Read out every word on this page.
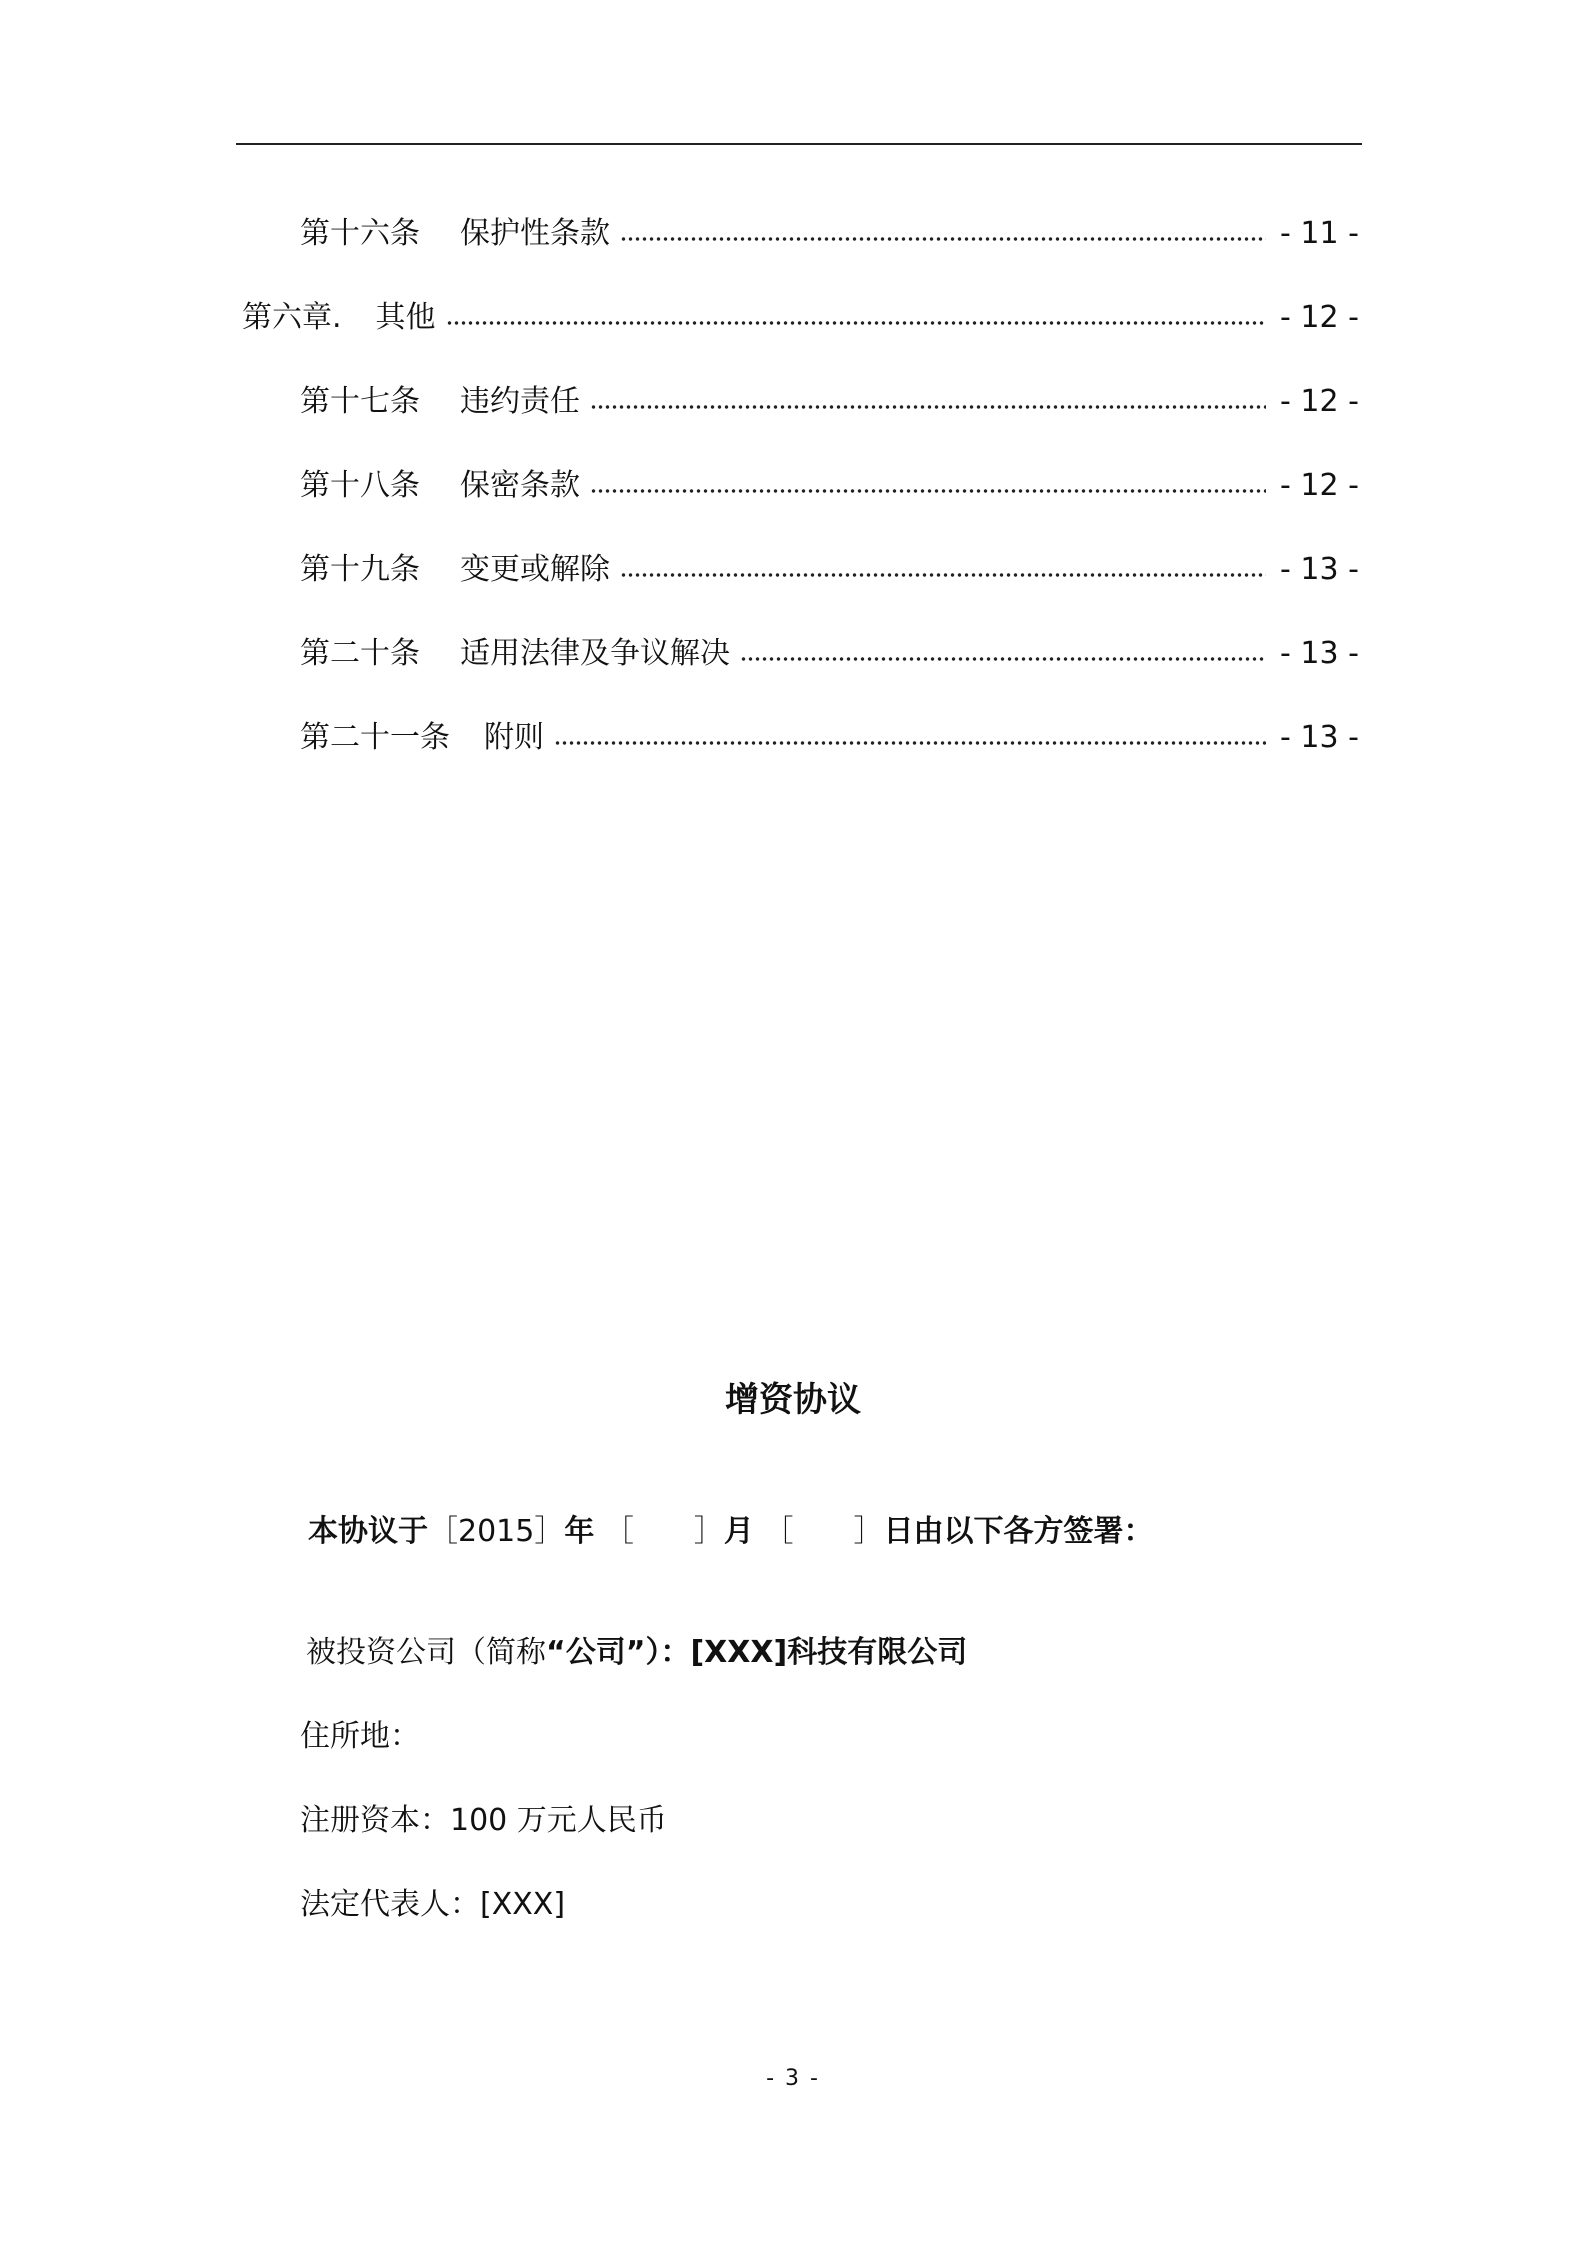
第十六条 保护性条款	- 11 -
第六章. 其他	- 12 -
第十七条 违约责任	- 12 -
第十八条 保密条款	- 12 -
第十九条 变更或解除	- 13 -
第二十条 适用法律及争议解决	- 13 -
第二十一条 附则	- 13 -
增资协议
本协议于［2015］年 ［　　］月 ［　　］日由以下各方签署：
被投资公司（简称“公司”）：[XXX]科技有限公司
住所地：
注册资本：100 万元人民币
法定代表人：[XXX]
- 3 -
